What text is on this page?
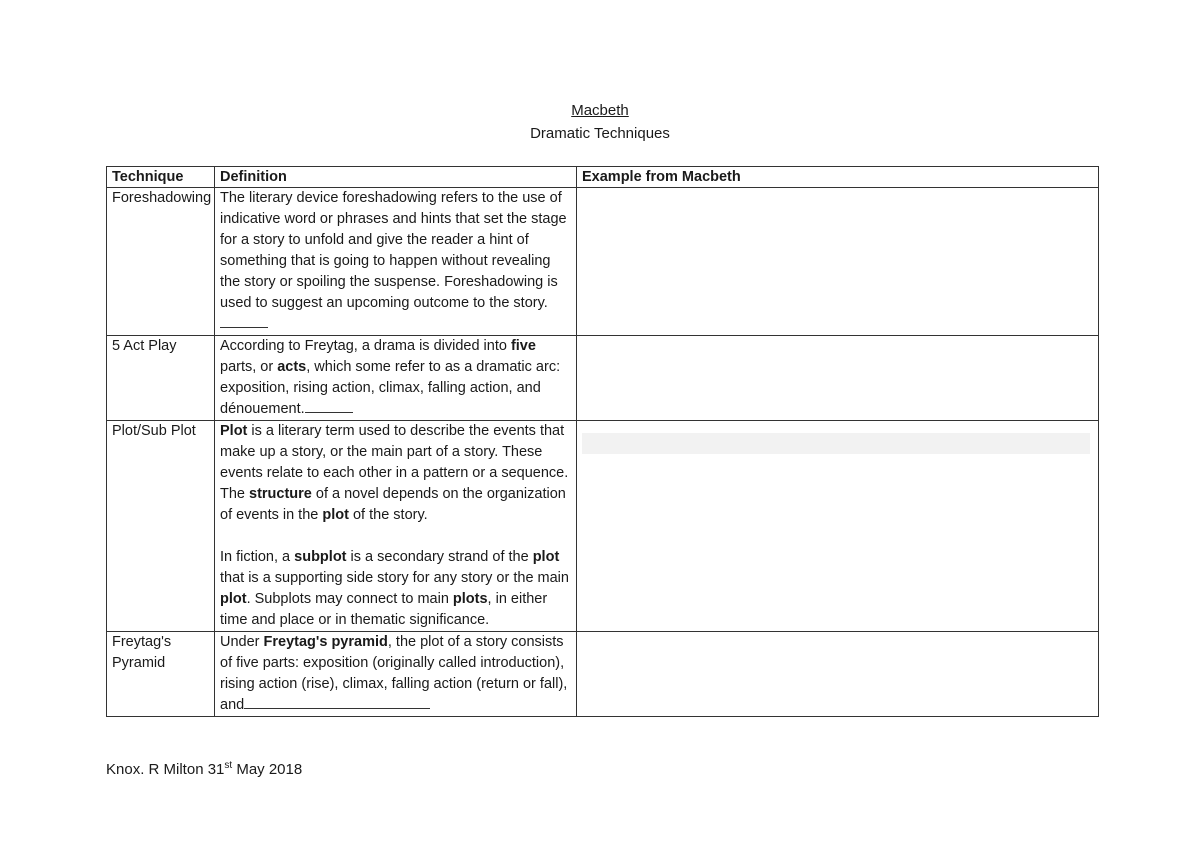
Macbeth
Dramatic Techniques
Technique	Definition	Example from Macbeth
Foreshadowing	The literary device foreshadowing refers to the use of indicative word or phrases and hints that set the stage for a story to unfold and give the reader a hint of something that is going to happen without revealing the story or spoiling the suspense. Foreshadowing is used to suggest an upcoming outcome to the story.	
5 Act Play	According to Freytag, a drama is divided into five parts, or acts, which some refer to as a dramatic arc: exposition, rising action, climax, falling action, and dénouement.	
Plot/Sub Plot	Plot is a literary term used to describe the events that make up a story, or the main part of a story. These events relate to each other in a pattern or a sequence. The structure of a novel depends on the organization of events in the plot of the story.
In fiction, a subplot is a secondary strand of the plot that is a supporting side story for any story or the main plot. Subplots may connect to main plots, in either time and place or in thematic significance.	

Freytag's Pyramid	Under Freytag's pyramid, the plot of a story consists of five parts: exposition (originally called introduction), rising action (rise), climax, falling action (return or fall), and	
Knox. R Milton 31st May 2018
